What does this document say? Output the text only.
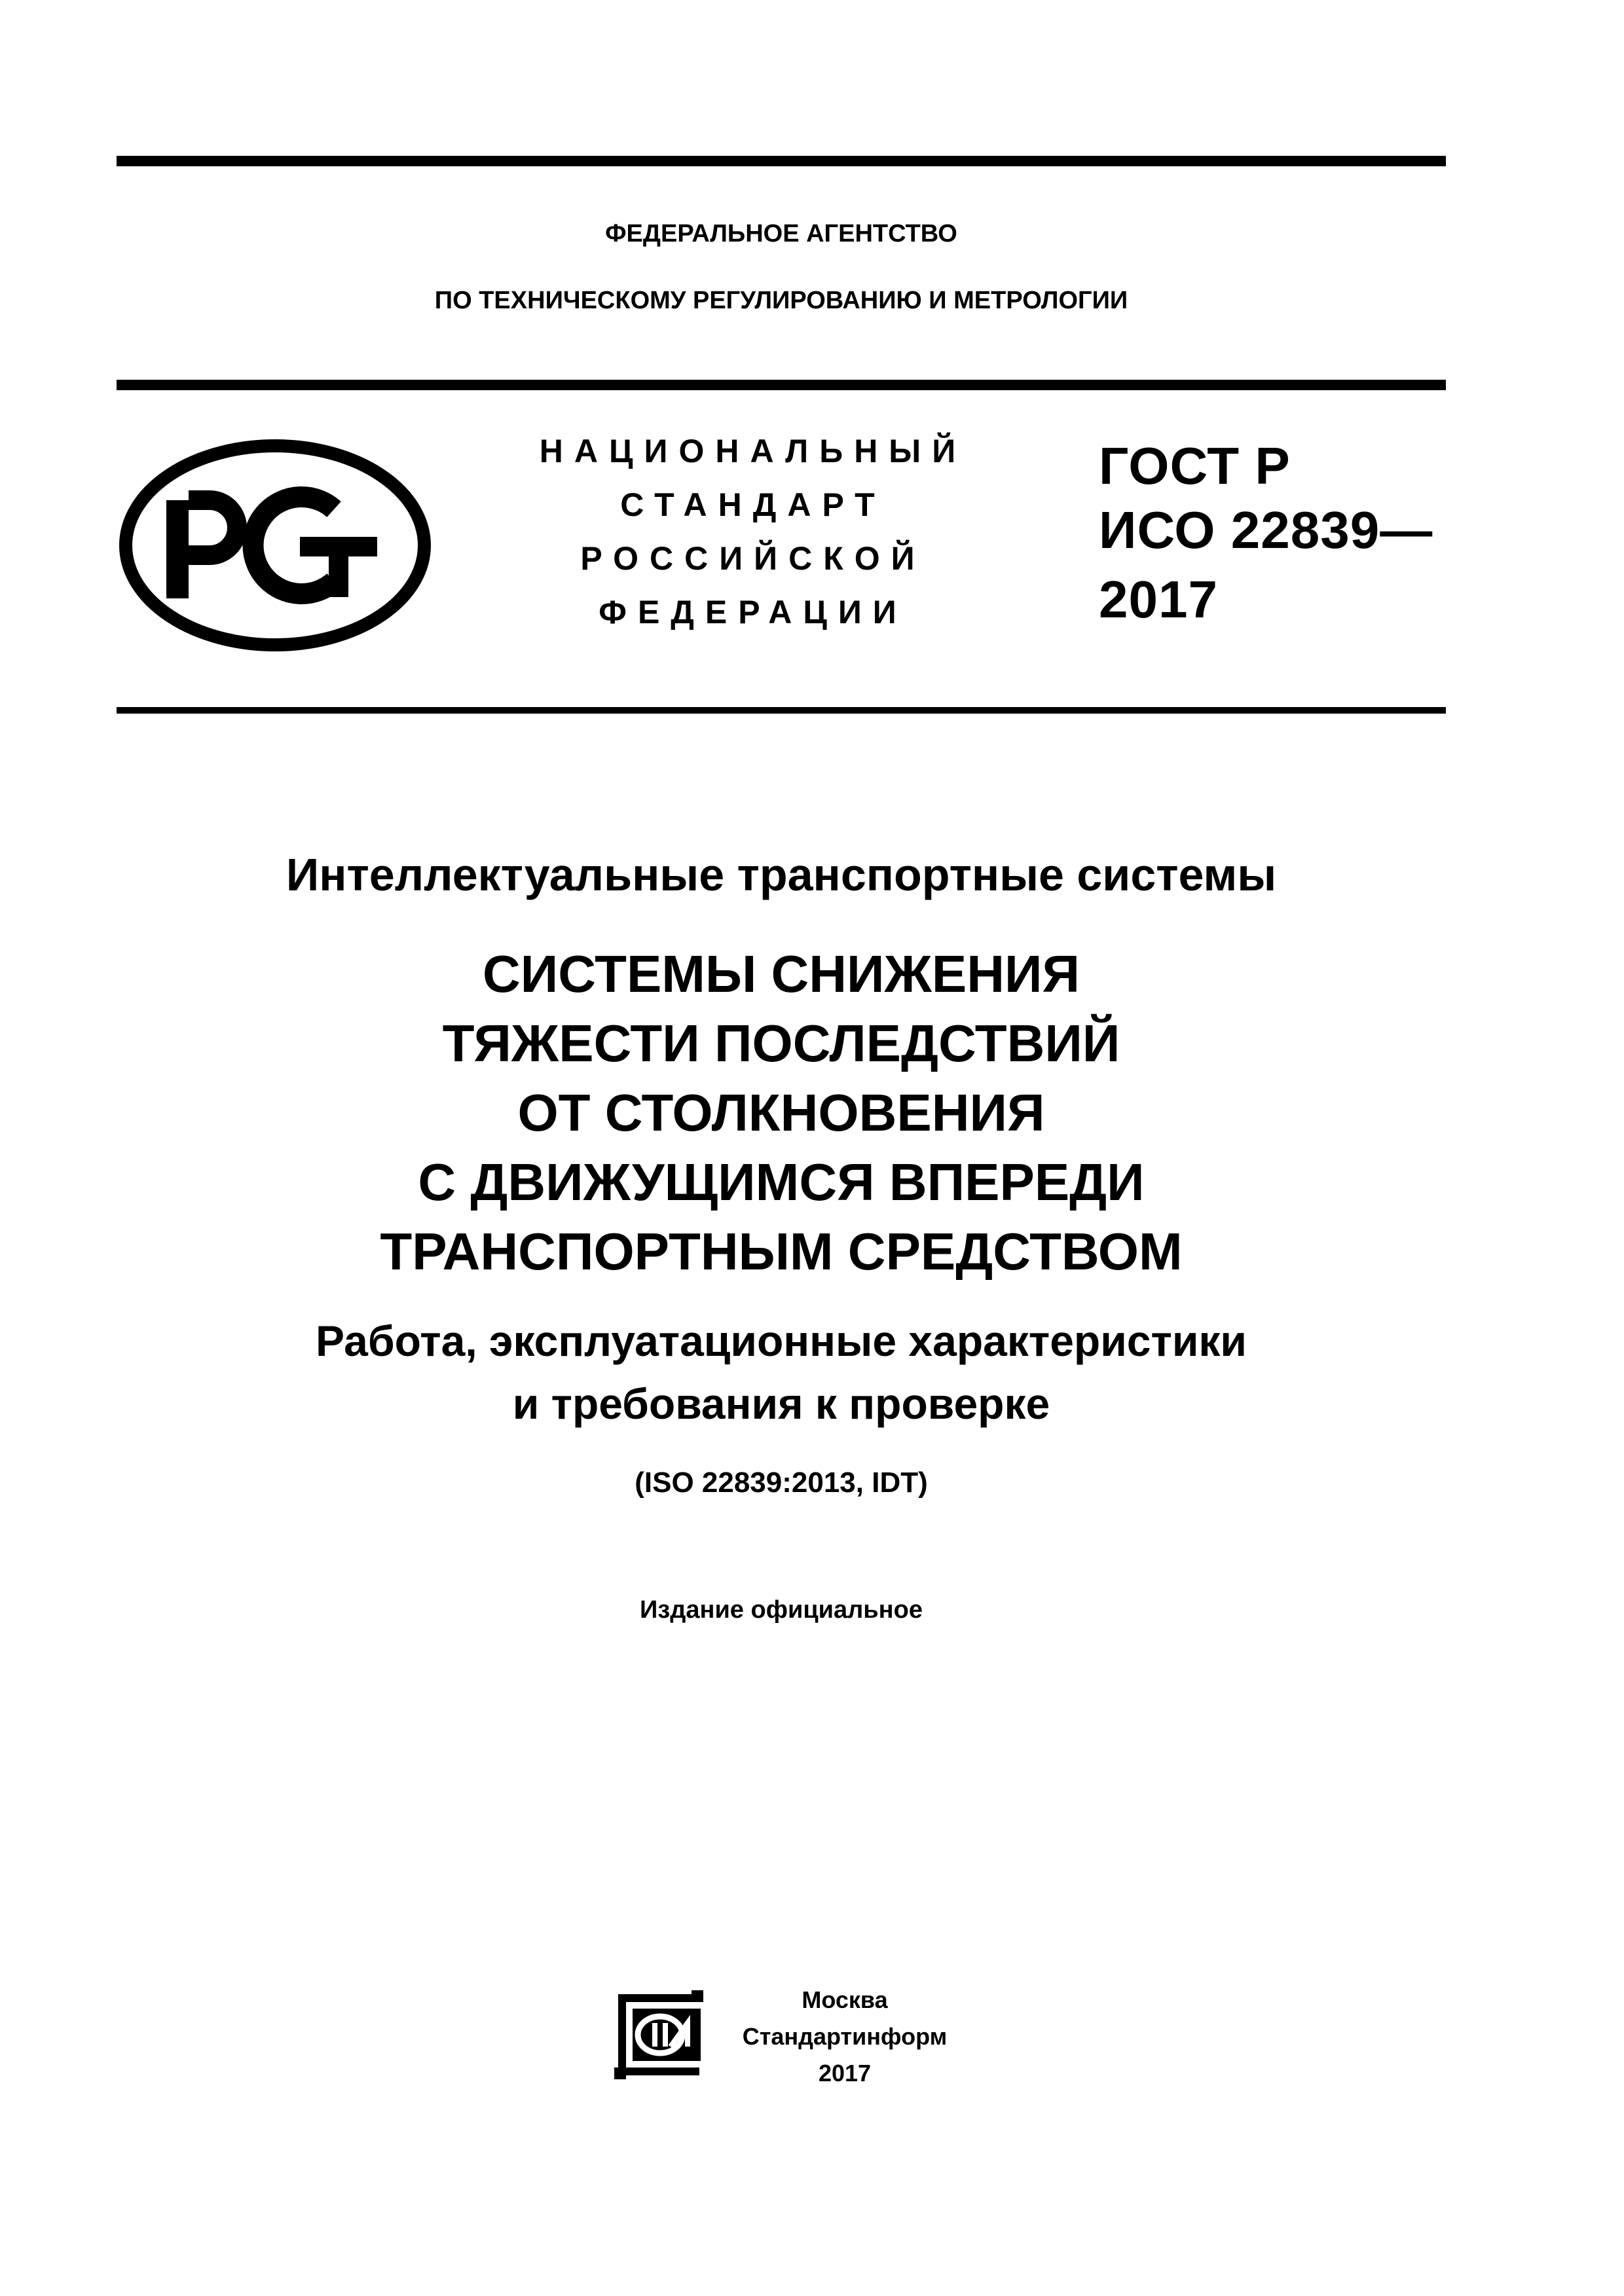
ФЕДЕРАЛЬНОЕ АГЕНТСТВО
ПО ТЕХНИЧЕСКОМУ РЕГУЛИРОВАНИЮ И МЕТРОЛОГИИ
НАЦИОНАЛЬНЫЙ
СТАНДАРТ
РОССИЙСКОЙ
ФЕДЕРАЦИИ
ГОСТ Р
ИСО 22839—
2017
Интеллектуальные транспортные системы
СИСТЕМЫ СНИЖЕНИЯ
ТЯЖЕСТИ ПОСЛЕДСТВИЙ
ОТ СТОЛКНОВЕНИЯ
С ДВИЖУЩИМСЯ ВПЕРЕДИ
ТРАНСПОРТНЫМ СРЕДСТВОМ
Работа, эксплуатационные характеристики
и требования к проверке
(ISO 22839:2013, IDT)
Издание официальное
Москва
Стандартинформ
2017
